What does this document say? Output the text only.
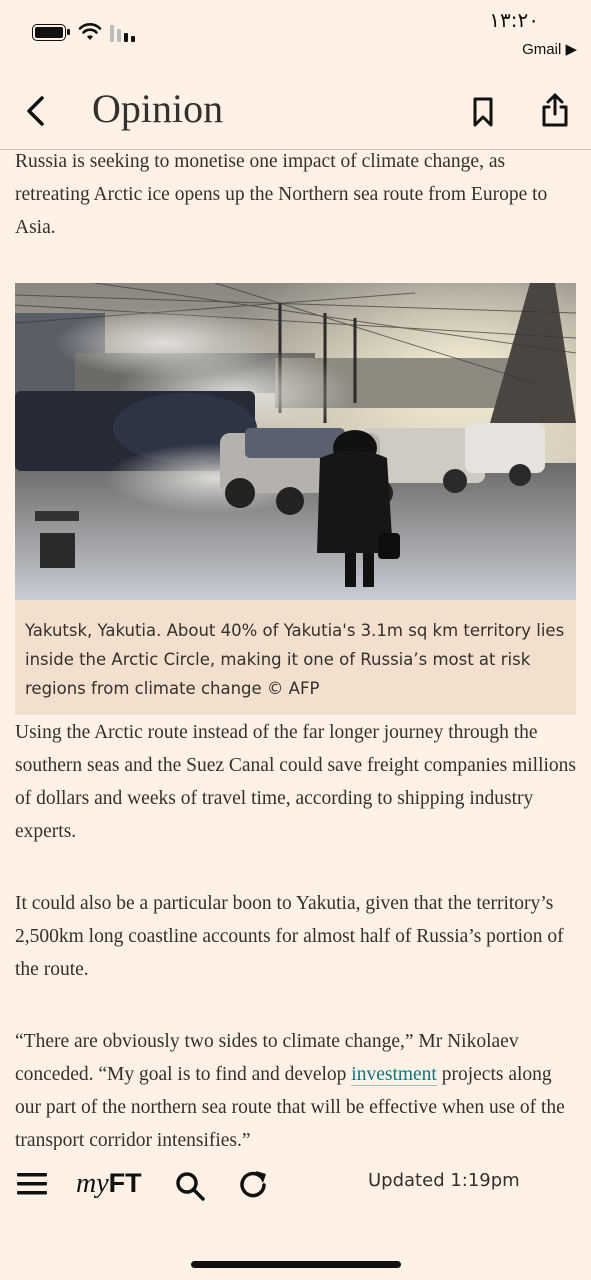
١٣:٢٠
Gmail ▶
Opinion

Russia is seeking to monetise one impact of climate change, as retreating Arctic ice opens up the Northern sea route from Europe to Asia.

Yakutsk, Yakutia. About 40% of Yakutia's 3.1m sq km territory lies inside the Arctic Circle, making it one of Russia’s most at risk regions from climate change © AFP

Using the Arctic route instead of the far longer journey through the southern seas and the Suez Canal could save freight companies millions of dollars and weeks of travel time, according to shipping industry experts.

It could also be a particular boon to Yakutia, given that the territory’s 2,500km long coastline accounts for almost half of Russia’s portion of the route.

“There are obviously two sides to climate change,” Mr Nikolaev conceded. “My goal is to find and develop investment projects along our part of the northern sea route that will be effective when use of the transport corridor intensifies.”

myFT	Updated 1:19pm
